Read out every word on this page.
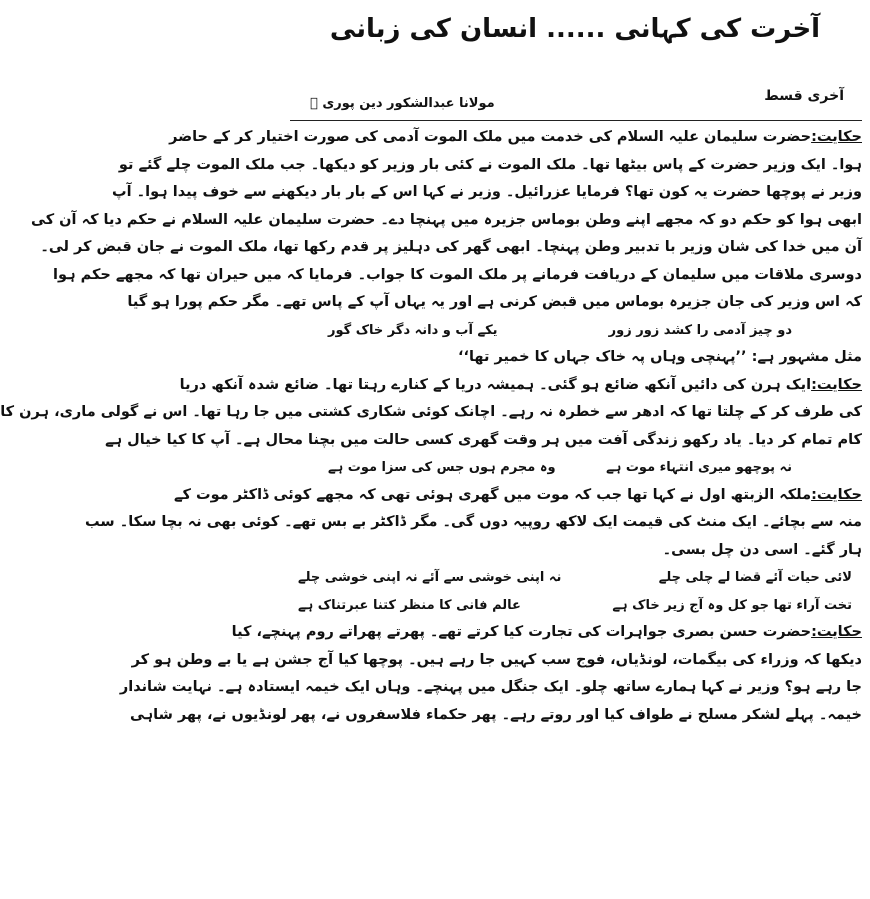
آخرت کی کہانی ...... انسان کی زبانی
آخری قسط
مولانا عبدالشکور دین پوری ﷫
حکایت:حضرت سلیمان علیہ السلام کی خدمت میں ملک الموت آدمی کی صورت اختیار کر کے حاضر
ہوا۔ ایک وزیر حضرت کے پاس بیٹھا تھا۔ ملک الموت نے کئی بار وزیر کو دیکھا۔ جب ملک الموت چلے گئے تو
وزیر نے پوچھا حضرت یہ کون تھا؟ فرمایا عزرائیل۔ وزیر نے کہا اس کے بار بار دیکھنے سے خوف پیدا ہوا۔ آپ
ابھی ہوا کو حکم دو کہ مجھے اپنے وطن بوماس جزیرہ میں پہنچا دے۔ حضرت سلیمان علیہ السلام نے حکم دیا کہ آن کی
آن میں خدا کی شان وزیر با تدبیر وطن پہنچا۔ ابھی گھر کی دہلیز پر قدم رکھا تھا، ملک الموت نے جان قبض کر لی۔
دوسری ملاقات میں سلیمان کے دریافت فرمانے پر ملک الموت کا جواب۔ فرمایا کہ میں حیران تھا کہ مجھے حکم ہوا
کہ اس وزیر کی جان جزیرہ بوماس میں قبض کرنی ہے اور یہ یہاں آپ کے پاس تھے۔ مگر حکم پورا ہو گیا
دو چیز آدمی را کشد زور زور
یکے آب و دانہ دگر خاک گور
مثل مشہور ہے: ’’پہنچی وہاں پہ خاک جہاں کا خمیر تھا‘‘
حکایت:ایک ہرن کی دائیں آنکھ ضائع ہو گئی۔ ہمیشہ دریا کے کنارے رہتا تھا۔ ضائع شدہ آنکھ دریا
کی طرف کر کے چلتا تھا کہ ادھر سے خطرہ نہ رہے۔ اچانک کوئی شکاری کشتی میں جا رہا تھا۔ اس نے گولی ماری، ہرن کا
کام تمام کر دیا۔ یاد رکھو زندگی آفت میں ہر وقت گھری کسی حالت میں بچنا محال ہے۔ آپ کا کیا خیال ہے
نہ پوچھو میری انتہاء موت ہے
وہ مجرم ہوں جس کی سزا موت ہے
حکایت:ملکہ الزبتھ اول نے کہا تھا جب کہ موت میں گھری ہوئی تھی کہ مجھے کوئی ڈاکٹر موت کے
منہ سے بچائے۔ ایک منٹ کی قیمت ایک لاکھ روپیہ دوں گی۔ مگر ڈاکٹر بے بس تھے۔ کوئی بھی نہ بچا سکا۔ سب
ہار گئے۔ اسی دن چل بسی۔
لائی حیات آئے قضا لے چلی چلے
نہ اپنی خوشی سے آئے نہ اپنی خوشی چلے
تخت آراء تھا جو کل وہ آج زیر خاک ہے
عالم فانی کا منظر کتنا عبرتناک ہے
حکایت:حضرت حسن بصری جواہرات کی تجارت کیا کرتے تھے۔ پھرتے پھراتے روم پہنچے، کیا
دیکھا کہ وزراء کی بیگمات، لونڈیاں، فوج سب کہیں جا رہے ہیں۔ پوچھا کیا آج جشن ہے یا بے وطن ہو کر
جا رہے ہو؟ وزیر نے کہا ہمارے ساتھ چلو۔ ایک جنگل میں پہنچے۔ وہاں ایک خیمہ ایستادہ ہے۔ نہایت شاندار
خیمہ۔ پہلے لشکر مسلح نے طواف کیا اور روتے رہے۔ پھر حکماء فلاسفروں نے، پھر لونڈیوں نے، پھر شاہی
